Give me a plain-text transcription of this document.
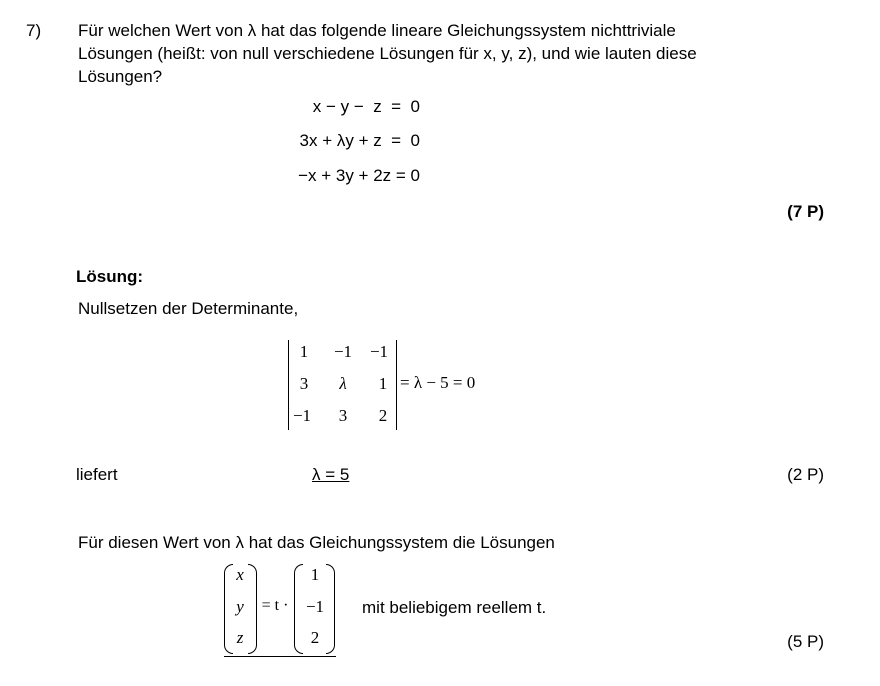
7) Für welchen Wert von λ hat das folgende lineare Gleichungssystem nichttriviale
Lösungen (heißt: von null verschiedene Lösungen für x, y, z), und wie lauten diese
Lösungen?
x − y −  z  =  0
3x + λy + z  =  0
−x + 3y + 2z = 0
(7 P)
Lösung:
Nullsetzen der Determinante,
1	−1 −1
3	λ	1
−1	3	2
= λ − 5 = 0
liefert	λ = 5	(2 P)
Für diesen Wert von λ hat das Gleichungssystem die Lösungen
x
y
z
= t ·
1
−1
2
mit beliebigem reellem t.
(5 P)
